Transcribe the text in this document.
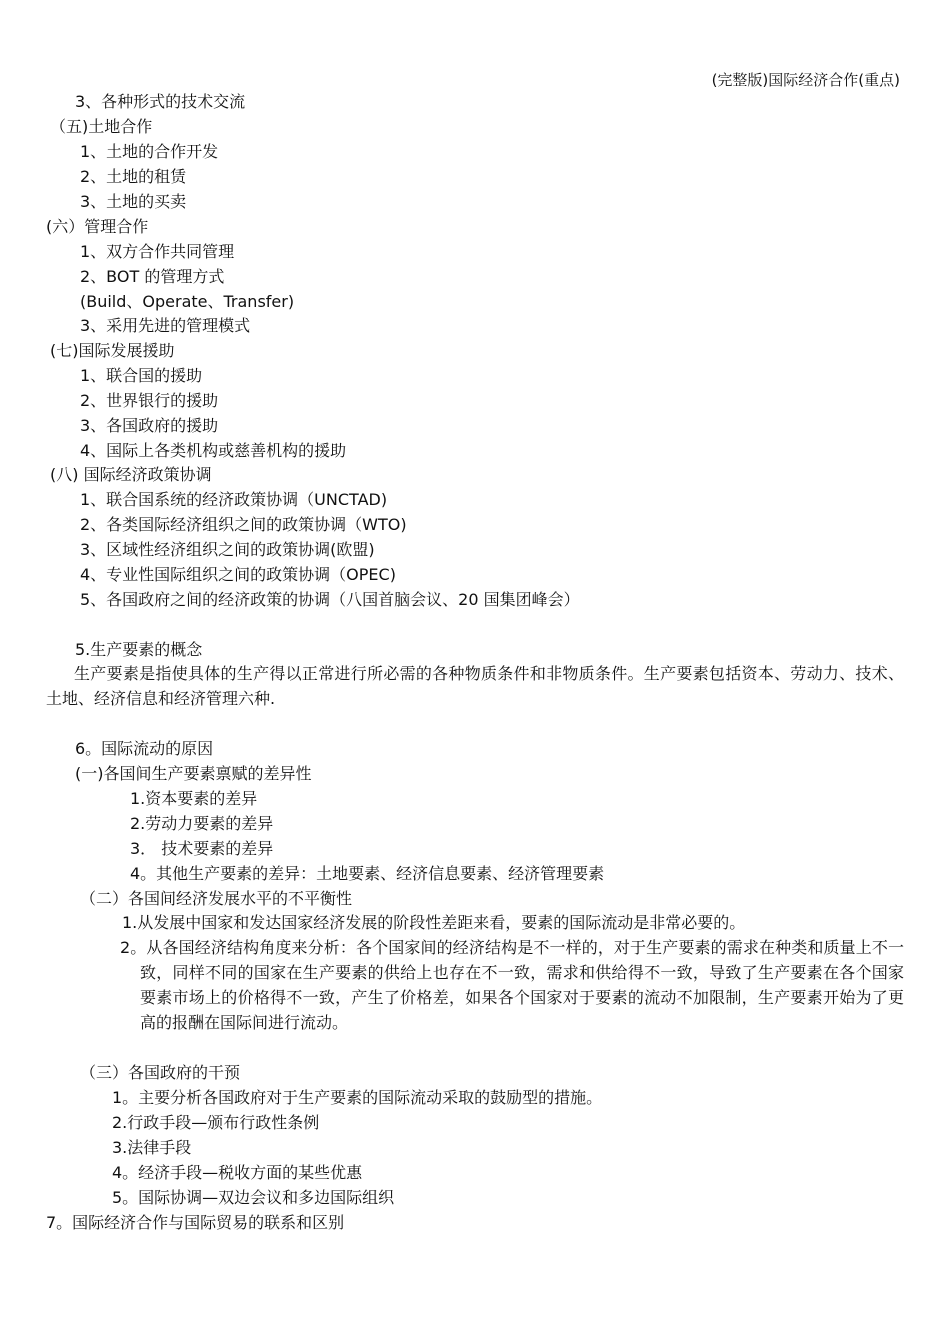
(完整版)国际经济合作(重点)
3、各种形式的技术交流
（五)土地合作
1、土地的合作开发
2、土地的租赁
3、土地的买卖
(六）管理合作
1、双方合作共同管理
2、BOT 的管理方式
(Build、Operate、Transfer)
3、采用先进的管理模式
(七)国际发展援助
1、联合国的援助
2、世界银行的援助
3、各国政府的援助
4、国际上各类机构或慈善机构的援助
(八) 国际经济政策协调
1、联合国系统的经济政策协调（UNCTAD)
2、各类国际经济组织之间的政策协调（WTO)
3、区域性经济组织之间的政策协调(欧盟)
4、专业性国际组织之间的政策协调（OPEC)
5、各国政府之间的经济政策的协调（八国首脑会议、20 国集团峰会）
5.生产要素的概念
6。国际流动的原因
(一)各国间生产要素禀赋的差异性
1.资本要素的差异
2.劳动力要素的差异
3． 技术要素的差异
4。其他生产要素的差异：土地要素、经济信息要素、经济管理要素
（二）各国间经济发展水平的不平衡性
1.从发展中国家和发达国家经济发展的阶段性差距来看，要素的国际流动是非常必要的。
（三）各国政府的干预
1。主要分析各国政府对于生产要素的国际流动采取的鼓励型的措施。
2.行政手段—颁布行政性条例
3.法律手段
4。经济手段—税收方面的某些优惠
5。国际协调—双边会议和多边国际组织
7。国际经济合作与国际贸易的联系和区别
生产要素是指使具体的生产得以正常进行所必需的各种物质条件和非物质条件。生产要素包括资本、劳动力、技术、土地、经济信息和经济管理六种.
2。从各国经济结构角度来分析：各个国家间的经济结构是不一样的，对于生产要素的需求在种类和质量上不一致，同样不同的国家在生产要素的供给上也存在不一致，需求和供给得不一致，导致了生产要素在各个国家要素市场上的价格得不一致，产生了价格差，如果各个国家对于要素的流动不加限制，生产要素开始为了更高的报酬在国际间进行流动。
